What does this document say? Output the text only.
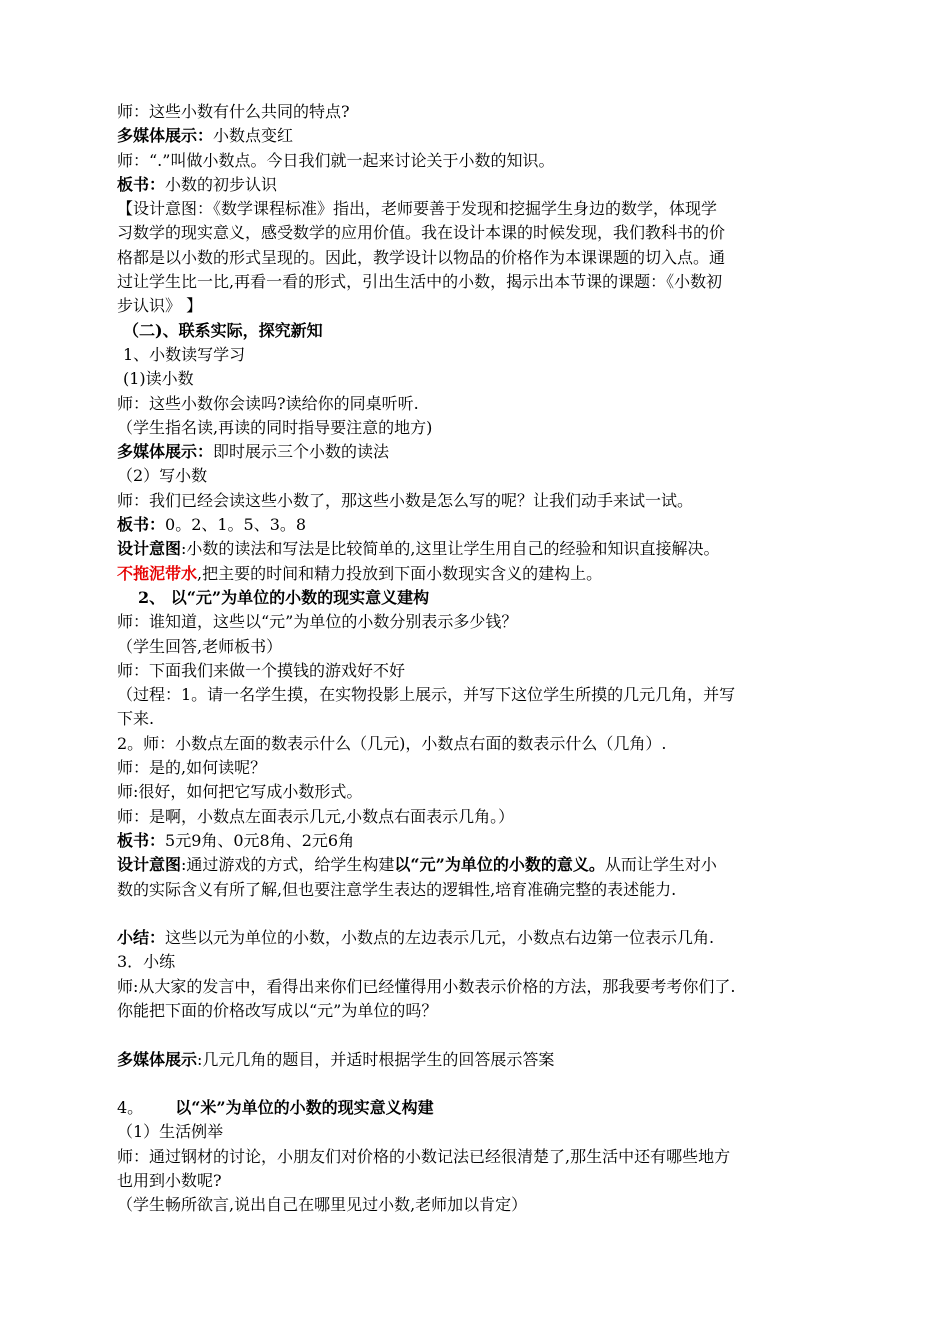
师：这些小数有什么共同的特点?
多媒体展示：小数点变红
师：“.”叫做小数点。今日我们就一起来讨论关于小数的知识。
板书：小数的初步认识
【设计意图：《数学课程标准》指出，老师要善于发现和挖掘学生身边的数学，体现学
习数学的现实意义，感受数学的应用价值。我在设计本课的时候发现，我们教科书的价
格都是以小数的形式呈现的。因此，教学设计以物品的价格作为本课课题的切入点。通
过让学生比一比,再看一看的形式，引出生活中的小数，揭示出本节课的课题：《小数初
步认识》 】
（二)、联系实际，探究新知
1、小数读写学习
(1)读小数
师：这些小数你会读吗?读给你的同桌听听.
（学生指名读,再读的同时指导要注意的地方)
多媒体展示：即时展示三个小数的读法
（2）写小数
师：我们已经会读这些小数了，那这些小数是怎么写的呢？让我们动手来试一试。
板书：0。2、1。5、3。8
设计意图:小数的读法和写法是比较简单的,这里让学生用自己的经验和知识直接解决。
不拖泥带水,把主要的时间和精力投放到下面小数现实含义的建构上。
2、 以“元”为单位的小数的现实意义建构
师：谁知道，这些以“元”为单位的小数分别表示多少钱？
（学生回答,老师板书）
师：下面我们来做一个摸钱的游戏好不好
（过程：1。请一名学生摸，在实物投影上展示，并写下这位学生所摸的几元几角，并写
下来.
2。师：小数点左面的数表示什么（几元)，小数点右面的数表示什么（几角）.
师：是的,如何读呢？
师:很好，如何把它写成小数形式。
师：是啊，小数点左面表示几元,小数点右面表示几角。）
板书：5元9角、0元8角、2元6角
设计意图:通过游戏的方式，给学生构建以“元”为单位的小数的意义。从而让学生对小
数的实际含义有所了解,但也要注意学生表达的逻辑性,培育准确完整的表述能力.
小结：这些以元为单位的小数，小数点的左边表示几元，小数点右边第一位表示几角.
3．小练
师:从大家的发言中，看得出来你们已经懂得用小数表示价格的方法，那我要考考你们了.
你能把下面的价格改写成以“元”为单位的吗？
多媒体展示:几元几角的题目，并适时根据学生的回答展示答案
4。 以“米”为单位的小数的现实意义构建
（1）生活例举
师：通过钢材的讨论，小朋友们对价格的小数记法已经很清楚了,那生活中还有哪些地方
也用到小数呢?
（学生畅所欲言,说出自己在哪里见过小数,老师加以肯定）
